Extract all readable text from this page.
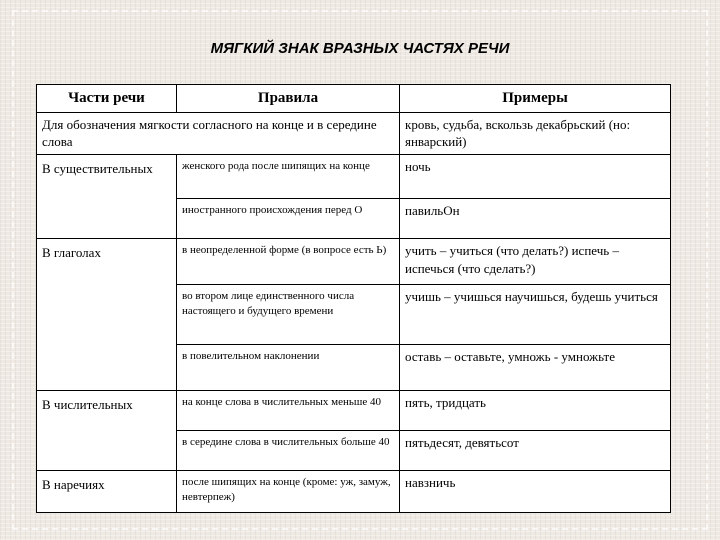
МЯГКИЙ ЗНАК ВРАЗНЫХ ЧАСТЯХ РЕЧИ
Части речи	Правила	Примеры
Для обозначения мягкости согласного на конце и в середине слова		кровь, судьба, вскользь декабрьский (но: январский)
В существительных	женского рода после шипящих на конце	ночь
	иностранного происхождения перед О	павильОн
В глаголах	в неопределенной форме (в вопросе есть Ь)	учить – учиться (что делать?) испечь – испечься (что сделать?)
	во втором лице единственного числа настоящего и будущего времени	учишь – учишься научишься, будешь учиться
	в повелительном наклонении	оставь – оставьте, умножь - умножьте
В числительных	на конце слова в числительных меньше 40	пять, тридцать
	в середине слова в числительных больше 40	пятьдесят, девятьсот
В наречиях	после шипящих на конце (кроме: уж, замуж, невтерпеж)	навзничь
